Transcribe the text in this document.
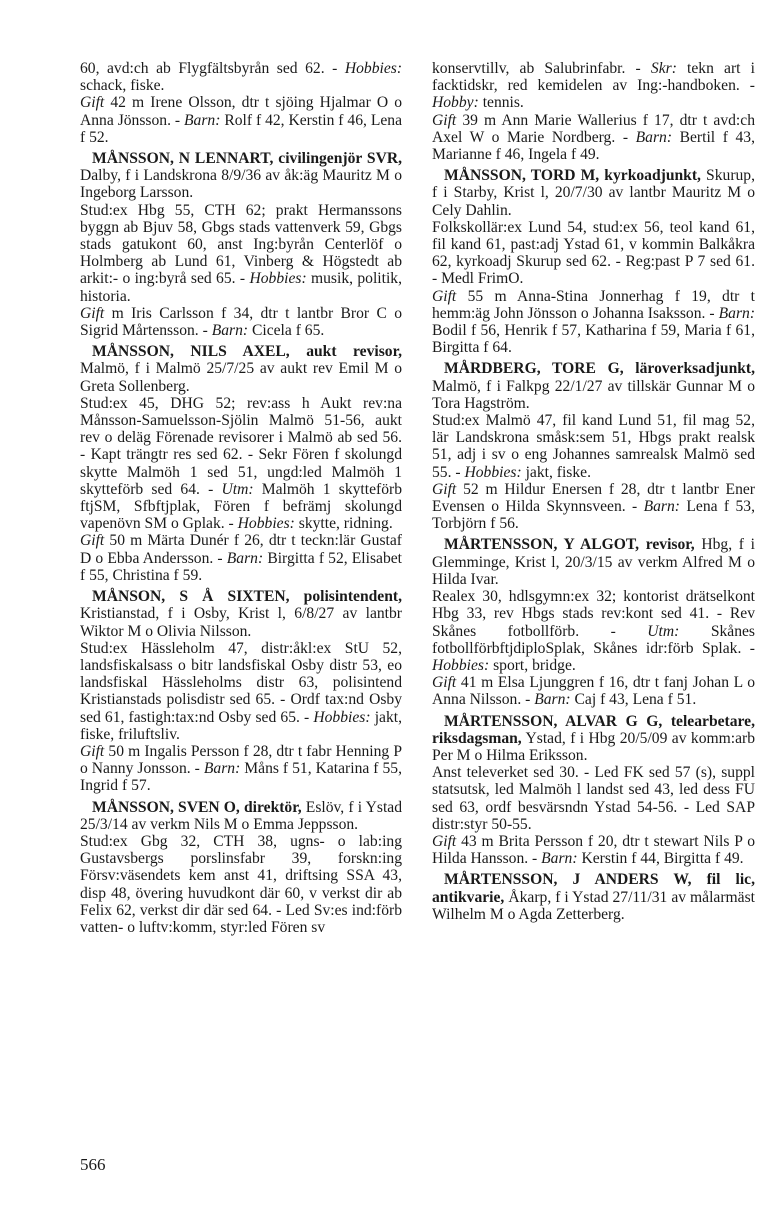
60, avd:ch ab Flygfältsbyrån sed 62. - Hobbies: schack, fiske.

Gift 42 m Irene Olsson, dtr t sjöing Hjalmar O o Anna Jönsson. - Barn: Rolf f 42, Kerstin f 46, Lena f 52.

MÅNSSON, N LENNART, civilingenjör SVR, Dalby, f i Landskrona 8/9/36 av åk:äg Mauritz M o Ingeborg Larsson.

Stud:ex Hbg 55, CTH 62; prakt Hermanssons byggn ab Bjuv 58, Gbgs stads vattenverk 59, Gbgs stads gatukont 60, anst Ing:byrån Centerlöf o Holmberg ab Lund 61, Vinberg & Högstedt ab arkit:- o ing:byrå sed 65. - Hobbies: musik, politik, historia.

Gift m Iris Carlsson f 34, dtr t lantbr Bror C o Sigrid Mårtensson. - Barn: Cicela f 65.

MÅNSSON, NILS AXEL, aukt revisor, Malmö, f i Malmö 25/7/25 av aukt rev Emil M o Greta Sollenberg.

Stud:ex 45, DHG 52; rev:ass h Aukt rev:na Månsson-Samuelsson-Sjölin Malmö 51-56, aukt rev o deläg Förenade revisorer i Malmö ab sed 56. - Kapt trängtr res sed 62. - Sekr Fören f skolungd skytte Malmöh 1 sed 51, ungd:led Malmöh 1 skytteförb sed 64. - Utm: Malmöh 1 skytteförb ftjSM, Sfbftjplak, Fören f befrämj skolungd vapenövn SM o Gplak. - Hobbies: skytte, ridning.

Gift 50 m Märta Dunér f 26, dtr t teckn:lär Gustaf D o Ebba Andersson. - Barn: Birgitta f 52, Elisabet f 55, Christina f 59.

MÅNSON, S Å SIXTEN, polisintendent, Kristianstad, f i Osby, Krist l, 6/8/27 av lantbr Wiktor M o Olivia Nilsson.

Stud:ex Hässleholm 47, distr:åkl:ex StU 52, landsfiskalsass o bitr landsfiskal Osby distr 53, eo landsfiskal Hässleholms distr 63, polisintend Kristianstads polisdistr sed 65. - Ordf tax:nd Osby sed 61, fastigh:tax:nd Osby sed 65. - Hobbies: jakt, fiske, friluftsliv.

Gift 50 m Ingalis Persson f 28, dtr t fabr Henning P o Nanny Jonsson. - Barn: Måns f 51, Katarina f 55, Ingrid f 57.

MÅNSSON, SVEN O, direktör, Eslöv, f i Ystad 25/3/14 av verkm Nils M o Emma Jeppsson.

Stud:ex Gbg 32, CTH 38, ugns- o lab:ing Gustavsbergs porslinsfabr 39, forskn:ing Försv:väsendets kem anst 41, driftsing SSA 43, disp 48, övering huvudkont där 60, v verkst dir ab Felix 62, verkst dir där sed 64. - Led Sv:es ind:förb vatten- o luftv:komm, styr:led Fören sv

konservtillv, ab Salubrinfabr. - Skr: tekn art i facktidskr, red kemidelen av Ing:-handboken. - Hobby: tennis.

Gift 39 m Ann Marie Wallerius f 17, dtr t avd:ch Axel W o Marie Nordberg. - Barn: Bertil f 43, Marianne f 46, Ingela f 49.

MÅNSSON, TORD M, kyrkoadjunkt, Skurup, f i Starby, Krist l, 20/7/30 av lantbr Mauritz M o Cely Dahlin.

Folkskollär:ex Lund 54, stud:ex 56, teol kand 61, fil kand 61, past:adj Ystad 61, v kommin Balkåkra 62, kyrkoadj Skurup sed 62. - Reg:past P 7 sed 61. - Medl FrimO.

Gift 55 m Anna-Stina Jonnerhag f 19, dtr t hemm:äg John Jönsson o Johanna Isaksson. - Barn: Bodil f 56, Henrik f 57, Katharina f 59, Maria f 61, Birgitta f 64.

MÅRDBERG, TORE G, läroverksadjunkt, Malmö, f i Falkpg 22/1/27 av tillskär Gunnar M o Tora Hagström.

Stud:ex Malmö 47, fil kand Lund 51, fil mag 52, lär Landskrona småsk:sem 51, Hbgs prakt realsk 51, adj i sv o eng Johannes samrealsk Malmö sed 55. - Hobbies: jakt, fiske.

Gift 52 m Hildur Enersen f 28, dtr t lantbr Ener Evensen o Hilda Skynnsveen. - Barn: Lena f 53, Torbjörn f 56.

MÅRTENSSON, Y ALGOT, revisor, Hbg, f i Glemminge, Krist l, 20/3/15 av verkm Alfred M o Hilda Ivar.

Realex 30, hdlsgymn:ex 32; kontorist drätselkont Hbg 33, rev Hbgs stads rev:kont sed 41. - Rev Skånes fotbollförb. - Utm: Skånes fotbollförbftjdiploSplak, Skånes idr:förb Splak. - Hobbies: sport, bridge.

Gift 41 m Elsa Ljunggren f 16, dtr t fanj Johan L o Anna Nilsson. - Barn: Caj f 43, Lena f 51.

MÅRTENSSON, ALVAR G G, telearbetare, riksdagsman, Ystad, f i Hbg 20/5/09 av komm:arb Per M o Hilma Eriksson.

Anst televerket sed 30. - Led FK sed 57 (s), suppl statsutsk, led Malmöh l landst sed 43, led dess FU sed 63, ordf besvärsndn Ystad 54-56. - Led SAP distr:styr 50-55.

Gift 43 m Brita Persson f 20, dtr t stewart Nils P o Hilda Hansson. - Barn: Kerstin f 44, Birgitta f 49.

MÅRTENSSON, J ANDERS W, fil lic, antikvarie, Åkarp, f i Ystad 27/11/31 av målarmäst Wilhelm M o Agda Zetterberg.

566
